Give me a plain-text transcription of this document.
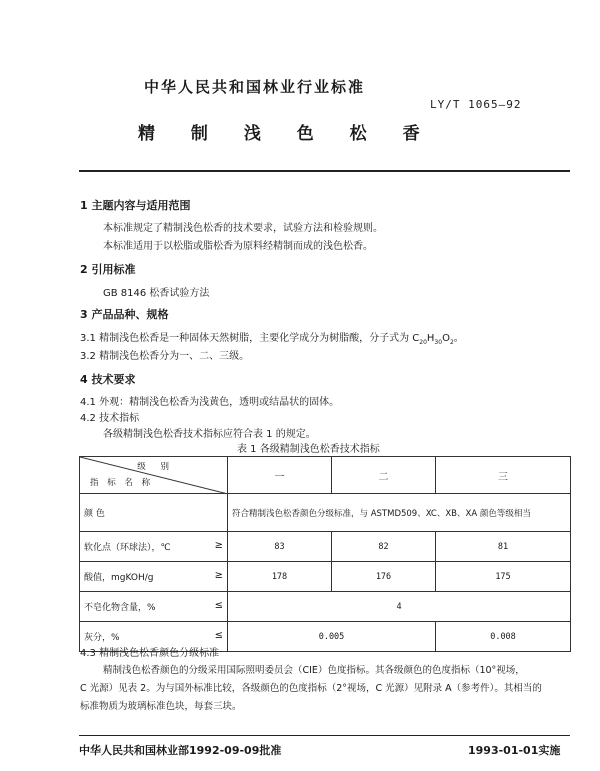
中华人民共和国林业行业标准
LY/T 1065—92
精 制 浅 色 松 香
1 主题内容与适用范围
本标准规定了精制浅色松香的技术要求，试验方法和检验规则。
本标准适用于以松脂或脂松香为原料经精制而成的浅色松香。
2 引用标准
GB 8146 松香试验方法
3 产品品种、规格
3.1 精制浅色松香是一种固体天然树脂，主要化学成分为树脂酸，分子式为 $C_{20}H_{30}O_2$。
3.2 精制浅色松香分为一、二、三级。
4 技术要求
4.1 外观：精制浅色松香为浅黄色，透明或结晶状的固体。
4.2 技术指标
各级精制浅色松香技术指标应符合表 1 的规定。
表 1 各级精制浅色松香技术指标
级 别
指 标 名 称	一	二	三
颜 色	符合精制浅色松香颜色分级标准，与 ASTMD509、XC、XB、XA 颜色等级相当		

≥
软化点（环球法），℃	83	82	81

≥
酸值，mgKOH/g	178	176	175

≤
不皂化物含量，%	4		

≤
灰分，%	0.005		0.008
4.3 精制浅色松香颜色分级标准
精制浅色松香颜色的分级采用国际照明委员会（CIE）色度指标。其各级颜色的色度指标（10°视场，
C 光源）见表 2。为与国外标准比较，各级颜色的色度指标（2°视场，C 光源）见附录 A（参考件）。其相当的
标准物质为玻璃标准色块，每套三块。
中华人民共和国林业部1992-09-09批准	1993-01-01实施
